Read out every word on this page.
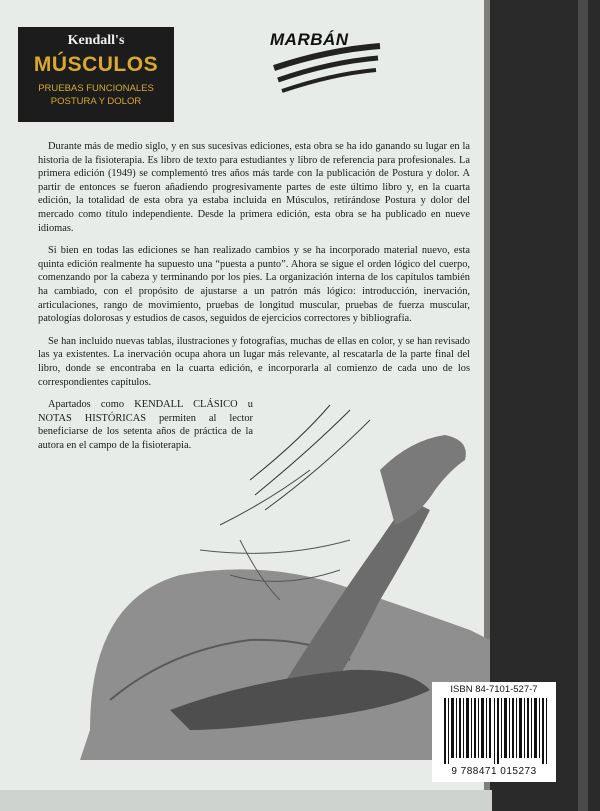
Kendall's
MÚSCULOS
PRUEBAS FUNCIONALES
POSTURA Y DOLOR
MARBÁN

Durante más de medio siglo, y en sus sucesivas ediciones, esta obra se ha ido ganando su lugar en la historia de la fisioterapia. Es libro de texto para estudiantes y libro de referencia para profesionales. La primera edición (1949) se complementó tres años más tarde con la publicación de Postura y dolor. A partir de entonces se fueron añadiendo progresivamente partes de este último libro y, en la cuarta edición, la totalidad de esta obra ya estaba incluida en Músculos, retirándose Postura y dolor del mercado como título independiente. Desde la primera edición, esta obra se ha publicado en nueve idiomas.

Si bien en todas las ediciones se han realizado cambios y se ha incorporado material nuevo, esta quinta edición realmente ha supuesto una “puesta a punto”. Ahora se sigue el orden lógico del cuerpo, comenzando por la cabeza y terminando por los pies. La organización interna de los capítulos también ha cambiado, con el propósito de ajustarse a un patrón más lógico: introducción, inervación, articulaciones, rango de movimiento, pruebas de longitud muscular, pruebas de fuerza muscular, patologías dolorosas y estudios de casos, seguidos de ejercicios correctores y bibliografía.

Se han incluido nuevas tablas, ilustraciones y fotografías, muchas de ellas en color, y se han revisado las ya existentes. La inervación ocupa ahora un lugar más relevante, al rescatarla de la parte final del libro, donde se encontraba en la cuarta edición, e incorporarla al comienzo de cada uno de los correspondientes capítulos.

Apartados como KENDALL CLÁSICO u NOTAS HISTÓRICAS permiten al lector beneficiarse de los setenta años de práctica de la autora en el campo de la fisioterapia.

ISBN 84-7101-527-7
9 788471 015273
